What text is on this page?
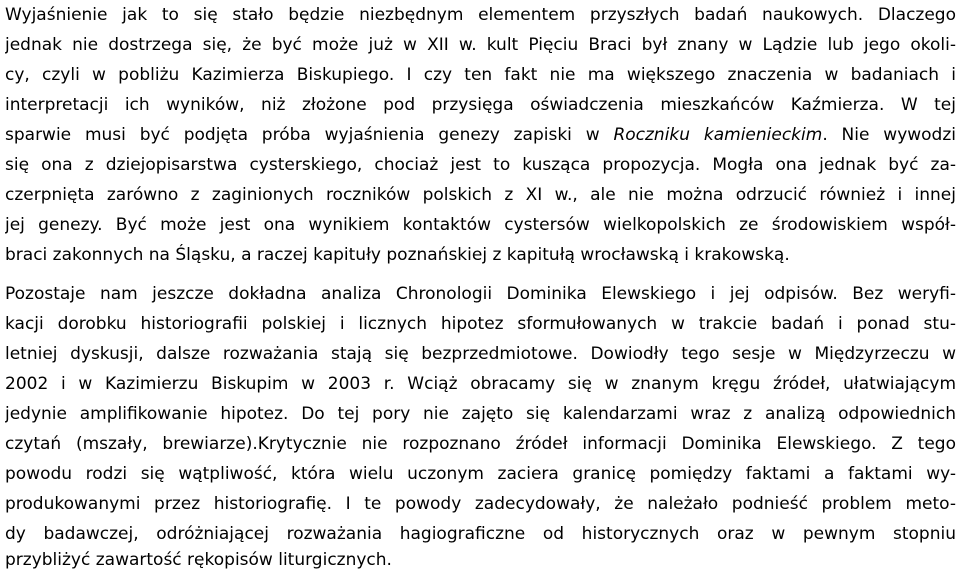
Wyjaśnienie jak to się stało będzie niezbędnym elementem przyszłych badań naukowych. Dlaczego
jednak nie dostrzega się, że być może już w XII w. kult Pięciu Braci był znany w Lądzie lub jego okoli-
cy, czyli w pobliżu Kazimierza Biskupiego. I czy ten fakt nie ma większego znaczenia w badaniach i
interpretacji ich wyników, niż złożone pod przysięga oświadczenia mieszkańców Kaźmierza. W tej
sparwie musi być podjęta próba wyjaśnienia genezy zapiski w Roczniku kamienieckim. Nie wywodzi
się ona z dziejopisarstwa cysterskiego, chociaż jest to kusząca propozycja. Mogła ona jednak być za-
czerpnięta zarówno z zaginionych roczników polskich z XI w., ale nie można odrzucić również i innej
jej genezy. Być może jest ona wynikiem kontaktów cystersów wielkopolskich ze środowiskiem współ-
braci zakonnych na Śląsku, a raczej kapituły poznańskiej z kapitułą wrocławską i krakowską.
Pozostaje nam jeszcze dokładna analiza Chronologii Dominika Elewskiego i jej odpisów. Bez weryfi-
kacji dorobku historiografii polskiej i licznych hipotez sformułowanych w trakcie badań i ponad stu-
letniej dyskusji, dalsze rozważania stają się bezprzedmiotowe. Dowiodły tego sesje w Międzyrzeczu w
2002 i w Kazimierzu Biskupim w 2003 r. Wciąż obracamy się w znanym kręgu źródeł, ułatwiającym
jedynie amplifikowanie hipotez. Do tej pory nie zajęto się kalendarzami wraz z analizą odpowiednich
czytań (mszały, brewiarze).Krytycznie nie rozpoznano źródeł informacji Dominika Elewskiego. Z tego
powodu rodzi się wątpliwość, która wielu uczonym zaciera granicę pomiędzy faktami a faktami wy-
produkowanymi przez historiografię. I te powody zadecydowały, że należało podnieść problem meto-
dy badawczej, odróżniającej rozważania hagiograficzne od historycznych oraz w pewnym stopniu
przybliżyć zawartość rękopisów liturgicznych.
